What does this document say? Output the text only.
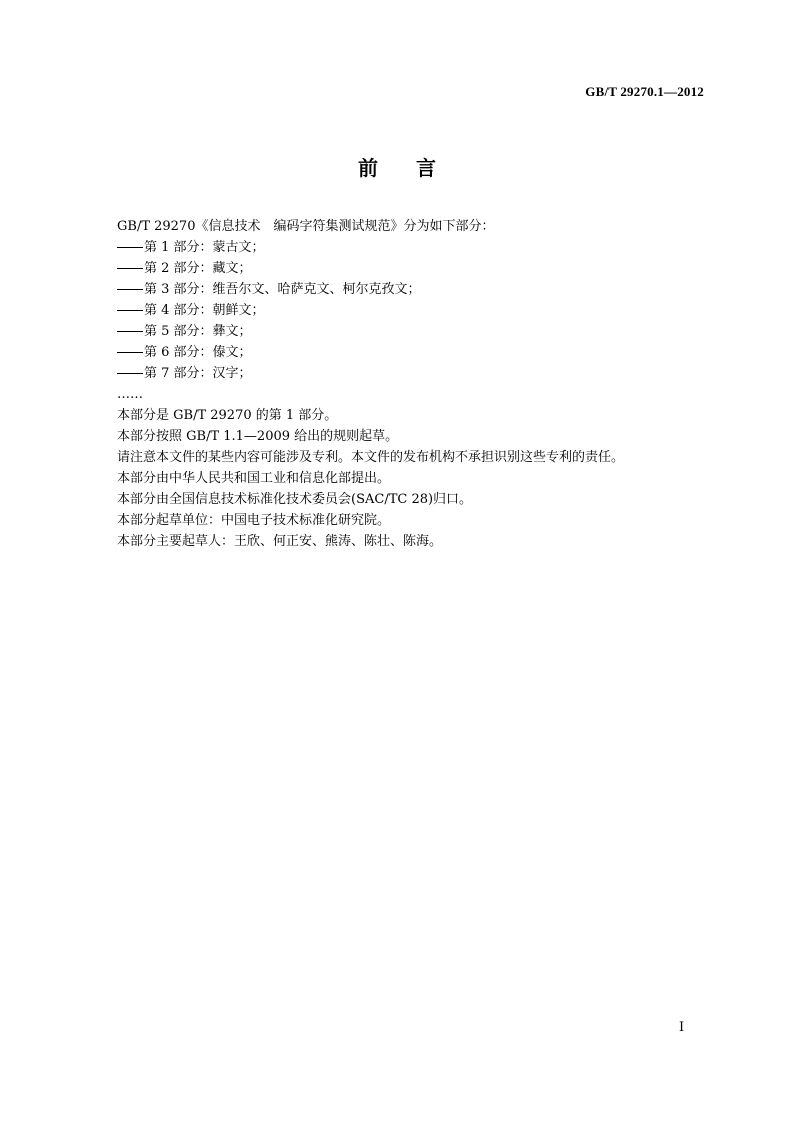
GB/T 29270.1—2012
前 言
GB/T 29270《信息技术　编码字符集测试规范》分为如下部分：
第 1 部分：蒙古文；
第 2 部分：藏文；
第 3 部分：维吾尔文、哈萨克文、柯尔克孜文；
第 4 部分：朝鲜文；
第 5 部分：彝文；
第 6 部分：傣文；
第 7 部分：汉字；
……
本部分是 GB/T 29270 的第 1 部分。
本部分按照 GB/T 1.1—2009 给出的规则起草。
请注意本文件的某些内容可能涉及专利。本文件的发布机构不承担识别这些专利的责任。
本部分由中华人民共和国工业和信息化部提出。
本部分由全国信息技术标准化技术委员会(SAC/TC 28)归口。
本部分起草单位：中国电子技术标准化研究院。
本部分主要起草人：王欣、何正安、熊涛、陈壮、陈海。
I
